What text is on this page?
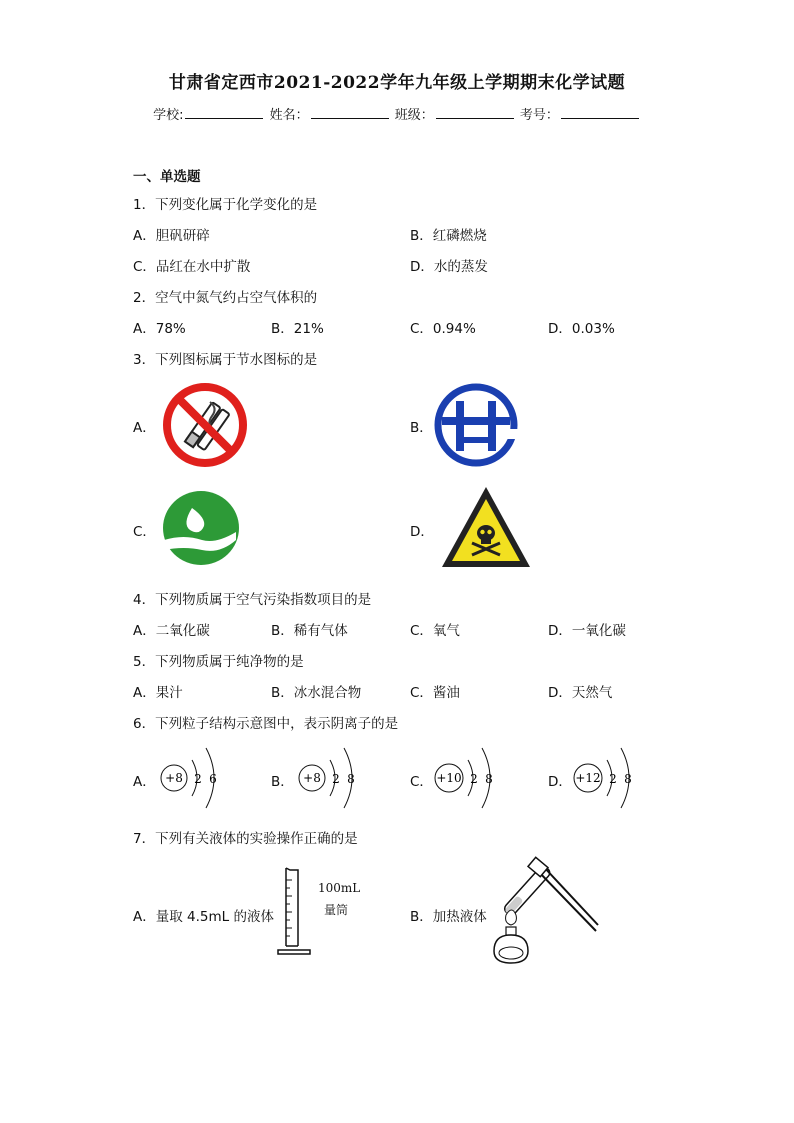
甘肃省定西市2021-2022学年九年级上学期期末化学试题
学校:	姓名：	班级：	考号：
一、单选题
1．下列变化属于化学变化的是
A．胆矾研碎	B．红磷燃烧
C．品红在水中扩散	D．水的蒸发
2．空气中氮气约占空气体积的
A．78%	B．21%	C．0.94%	D．0.03%
3．下列图标属于节水图标的是
A．	B．
C．	D．
4．下列物质属于空气污染指数项目的是
A．二氧化碳	B．稀有气体	C．氧气	D．一氧化碳
5．下列物质属于纯净物的是
A．果汁	B．冰水混合物	C．酱油	D．天然气
6．下列粒子结构示意图中，表示阴离子的是
A．	B．	C．	D．
+8 2 6	+8 2 8	+10 2 8	+12 2 8
7．下列有关液体的实验操作正确的是
A．量取 4.5mL 的液体	B．加热液体
100mL
量筒
